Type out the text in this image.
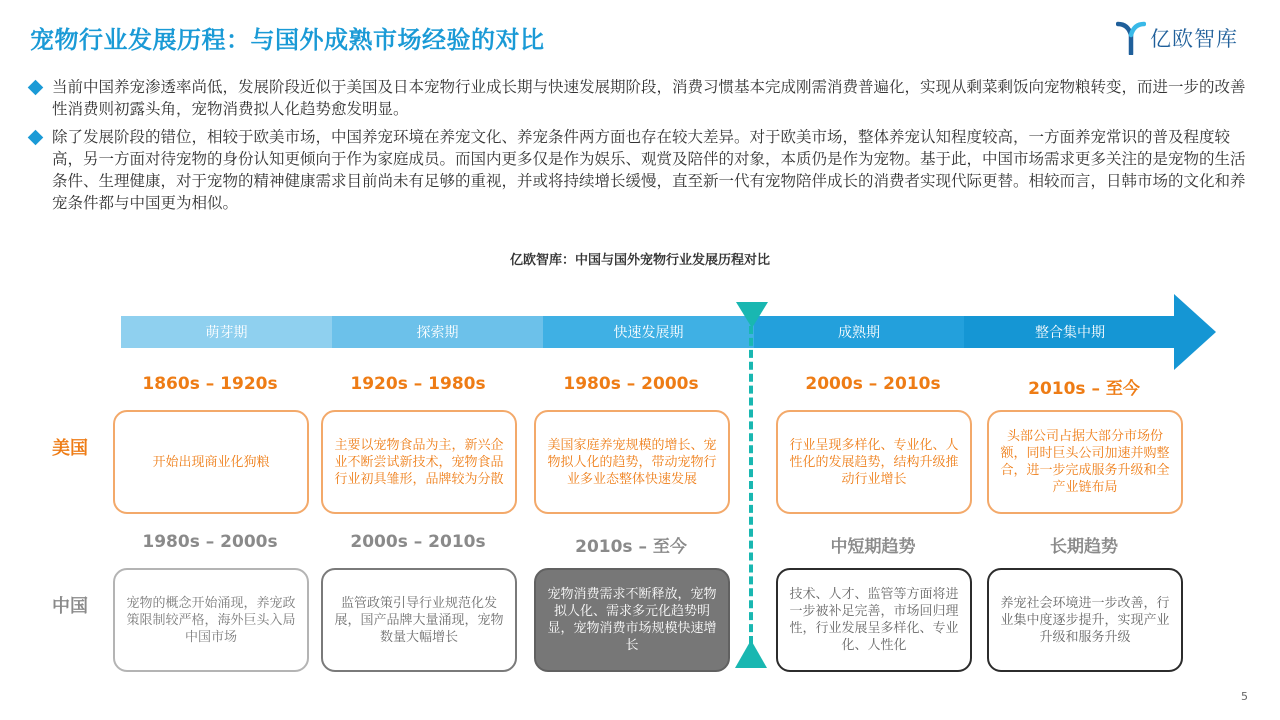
宠物行业发展历程：与国外成熟市场经验的对比	亿欧智库
当前中国养宠渗透率尚低，发展阶段近似于美国及日本宠物行业成长期与快速发展期阶段，消费习惯基本完成刚需消费普遍化，实现从剩菜剩饭向宠物粮转变，而进一步的改善性消费则初露头角，宠物消费拟人化趋势愈发明显。
除了发展阶段的错位，相较于欧美市场，中国养宠环境在养宠文化、养宠条件两方面也存在较大差异。对于欧美市场，整体养宠认知程度较高，一方面养宠常识的普及程度较高，另一方面对待宠物的身份认知更倾向于作为家庭成员。而国内更多仅是作为娱乐、观赏及陪伴的对象，本质仍是作为宠物。基于此，中国市场需求更多关注的是宠物的生活条件、生理健康，对于宠物的精神健康需求目前尚未有足够的重视，并或将持续增长缓慢，直至新一代有宠物陪伴成长的消费者实现代际更替。相较而言，日韩市场的文化和养宠条件都与中国更为相似。
亿欧智库：中国与国外宠物行业发展历程对比
萌芽期	探索期	快速发展期	成熟期	整合集中期
美国
中国
1860s – 1920s	1920s – 1980s	1980s – 2000s	2000s – 2010s	2010s – 至今
开始出现商业化狗粮
主要以宠物食品为主，新兴企业不断尝试新技术，宠物食品行业初具雏形，品牌较为分散
美国家庭养宠规模的增长、宠物拟人化的趋势，带动宠物行业多业态整体快速发展
行业呈现多样化、专业化、人性化的发展趋势，结构升级推动行业增长
头部公司占据大部分市场份额，同时巨头公司加速并购整合，进一步完成服务升级和全产业链布局
1980s – 2000s	2000s – 2010s	2010s – 至今	中短期趋势	长期趋势
宠物的概念开始涌现，养宠政策限制较严格，海外巨头入局中国市场
监管政策引导行业规范化发展，国产品牌大量涌现，宠物数量大幅增长
宠物消费需求不断释放，宠物拟人化、需求多元化趋势明显，宠物消费市场规模快速增长
技术、人才、监管等方面将进一步被补足完善，市场回归理性，行业发展呈多样化、专业化、人性化
养宠社会环境进一步改善，行业集中度逐步提升，实现产业升级和服务升级
5
